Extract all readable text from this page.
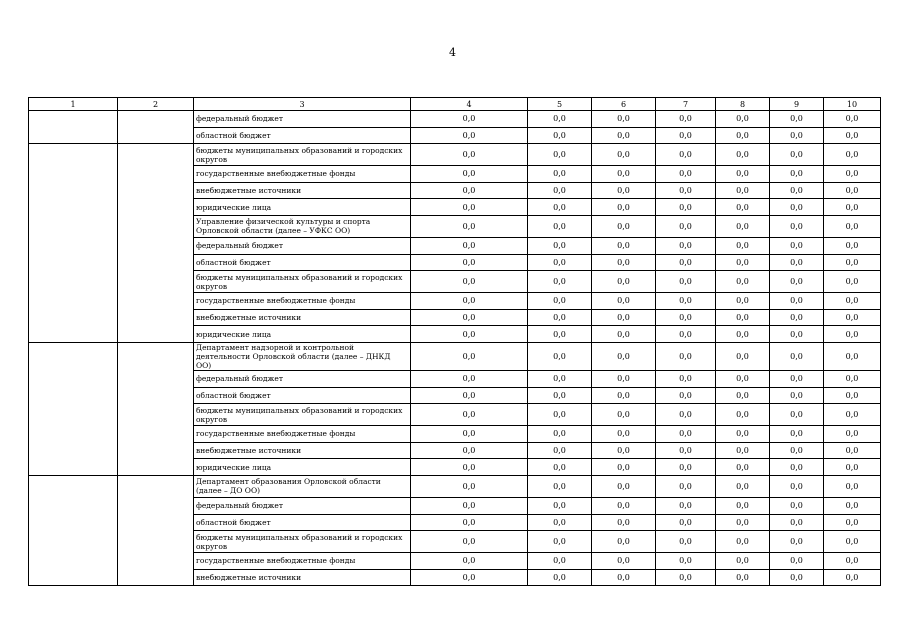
4
1	2	3	4	5	6	7	8	9	10
		федеральный бюджет	0,0	0,0	0,0	0,0	0,0	0,0	0,0
		областной бюджет	0,0	0,0	0,0	0,0	0,0	0,0	0,0
		бюджеты муниципальных образований и городских округов	0,0	0,0	0,0	0,0	0,0	0,0	0,0
		государственные внебюджетные фонды	0,0	0,0	0,0	0,0	0,0	0,0	0,0
		внебюджетные источники	0,0	0,0	0,0	0,0	0,0	0,0	0,0
		юридические лица	0,0	0,0	0,0	0,0	0,0	0,0	0,0
		Управление физической культуры и спорта Орловской области (далее – УФКС ОО)	0,0	0,0	0,0	0,0	0,0	0,0	0,0
		федеральный бюджет	0,0	0,0	0,0	0,0	0,0	0,0	0,0
		областной бюджет	0,0	0,0	0,0	0,0	0,0	0,0	0,0
		бюджеты муниципальных образований и городских округов	0,0	0,0	0,0	0,0	0,0	0,0	0,0
		государственные внебюджетные фонды	0,0	0,0	0,0	0,0	0,0	0,0	0,0
		внебюджетные источники	0,0	0,0	0,0	0,0	0,0	0,0	0,0
		юридические лица	0,0	0,0	0,0	0,0	0,0	0,0	0,0
		Департамент надзорной и контрольной деятельности Орловской области (далее – ДНКД ОО)	0,0	0,0	0,0	0,0	0,0	0,0	0,0
		федеральный бюджет	0,0	0,0	0,0	0,0	0,0	0,0	0,0
		областной бюджет	0,0	0,0	0,0	0,0	0,0	0,0	0,0
		бюджеты муниципальных образований и городских округов	0,0	0,0	0,0	0,0	0,0	0,0	0,0
		государственные внебюджетные фонды	0,0	0,0	0,0	0,0	0,0	0,0	0,0
		внебюджетные источники	0,0	0,0	0,0	0,0	0,0	0,0	0,0
		юридические лица	0,0	0,0	0,0	0,0	0,0	0,0	0,0
		Департамент образования Орловской области (далее – ДО ОО)	0,0	0,0	0,0	0,0	0,0	0,0	0,0
		федеральный бюджет	0,0	0,0	0,0	0,0	0,0	0,0	0,0
		областной бюджет	0,0	0,0	0,0	0,0	0,0	0,0	0,0
		бюджеты муниципальных образований и городских округов	0,0	0,0	0,0	0,0	0,0	0,0	0,0
		государственные внебюджетные фонды	0,0	0,0	0,0	0,0	0,0	0,0	0,0
		внебюджетные источники	0,0	0,0	0,0	0,0	0,0	0,0	0,0
